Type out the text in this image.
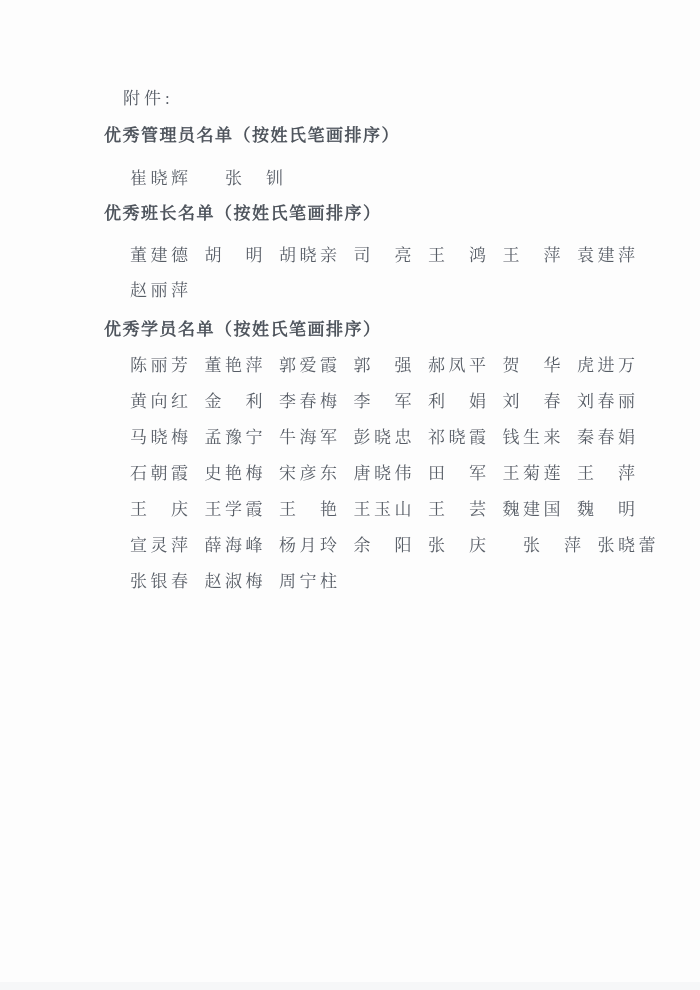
附件:
优秀管理员名单（按姓氏笔画排序）
崔晓辉 　张　钏
优秀班长名单（按姓氏笔画排序）
董建德 胡　明 胡晓亲 司　亮 王　鸿 王　萍 袁建萍
赵丽萍
优秀学员名单（按姓氏笔画排序）
陈丽芳 董艳萍 郭爱霞 郭　强 郝凤平 贺　华 虎进万
黄向红 金　利 李春梅 李　军 利　娟 刘　春 刘春丽
马晓梅 孟豫宁 牛海军 彭晓忠 祁晓霞 钱生来 秦春娟
石朝霞 史艳梅 宋彦东 唐晓伟 田　军 王菊莲 王　萍
王　庆 王学霞 王　艳 王玉山 王　芸 魏建国 魏　明
宣灵萍 薛海峰 杨月玲 余　阳 张　庆 　张　萍 张晓蕾
张银春 赵淑梅 周宁柱
